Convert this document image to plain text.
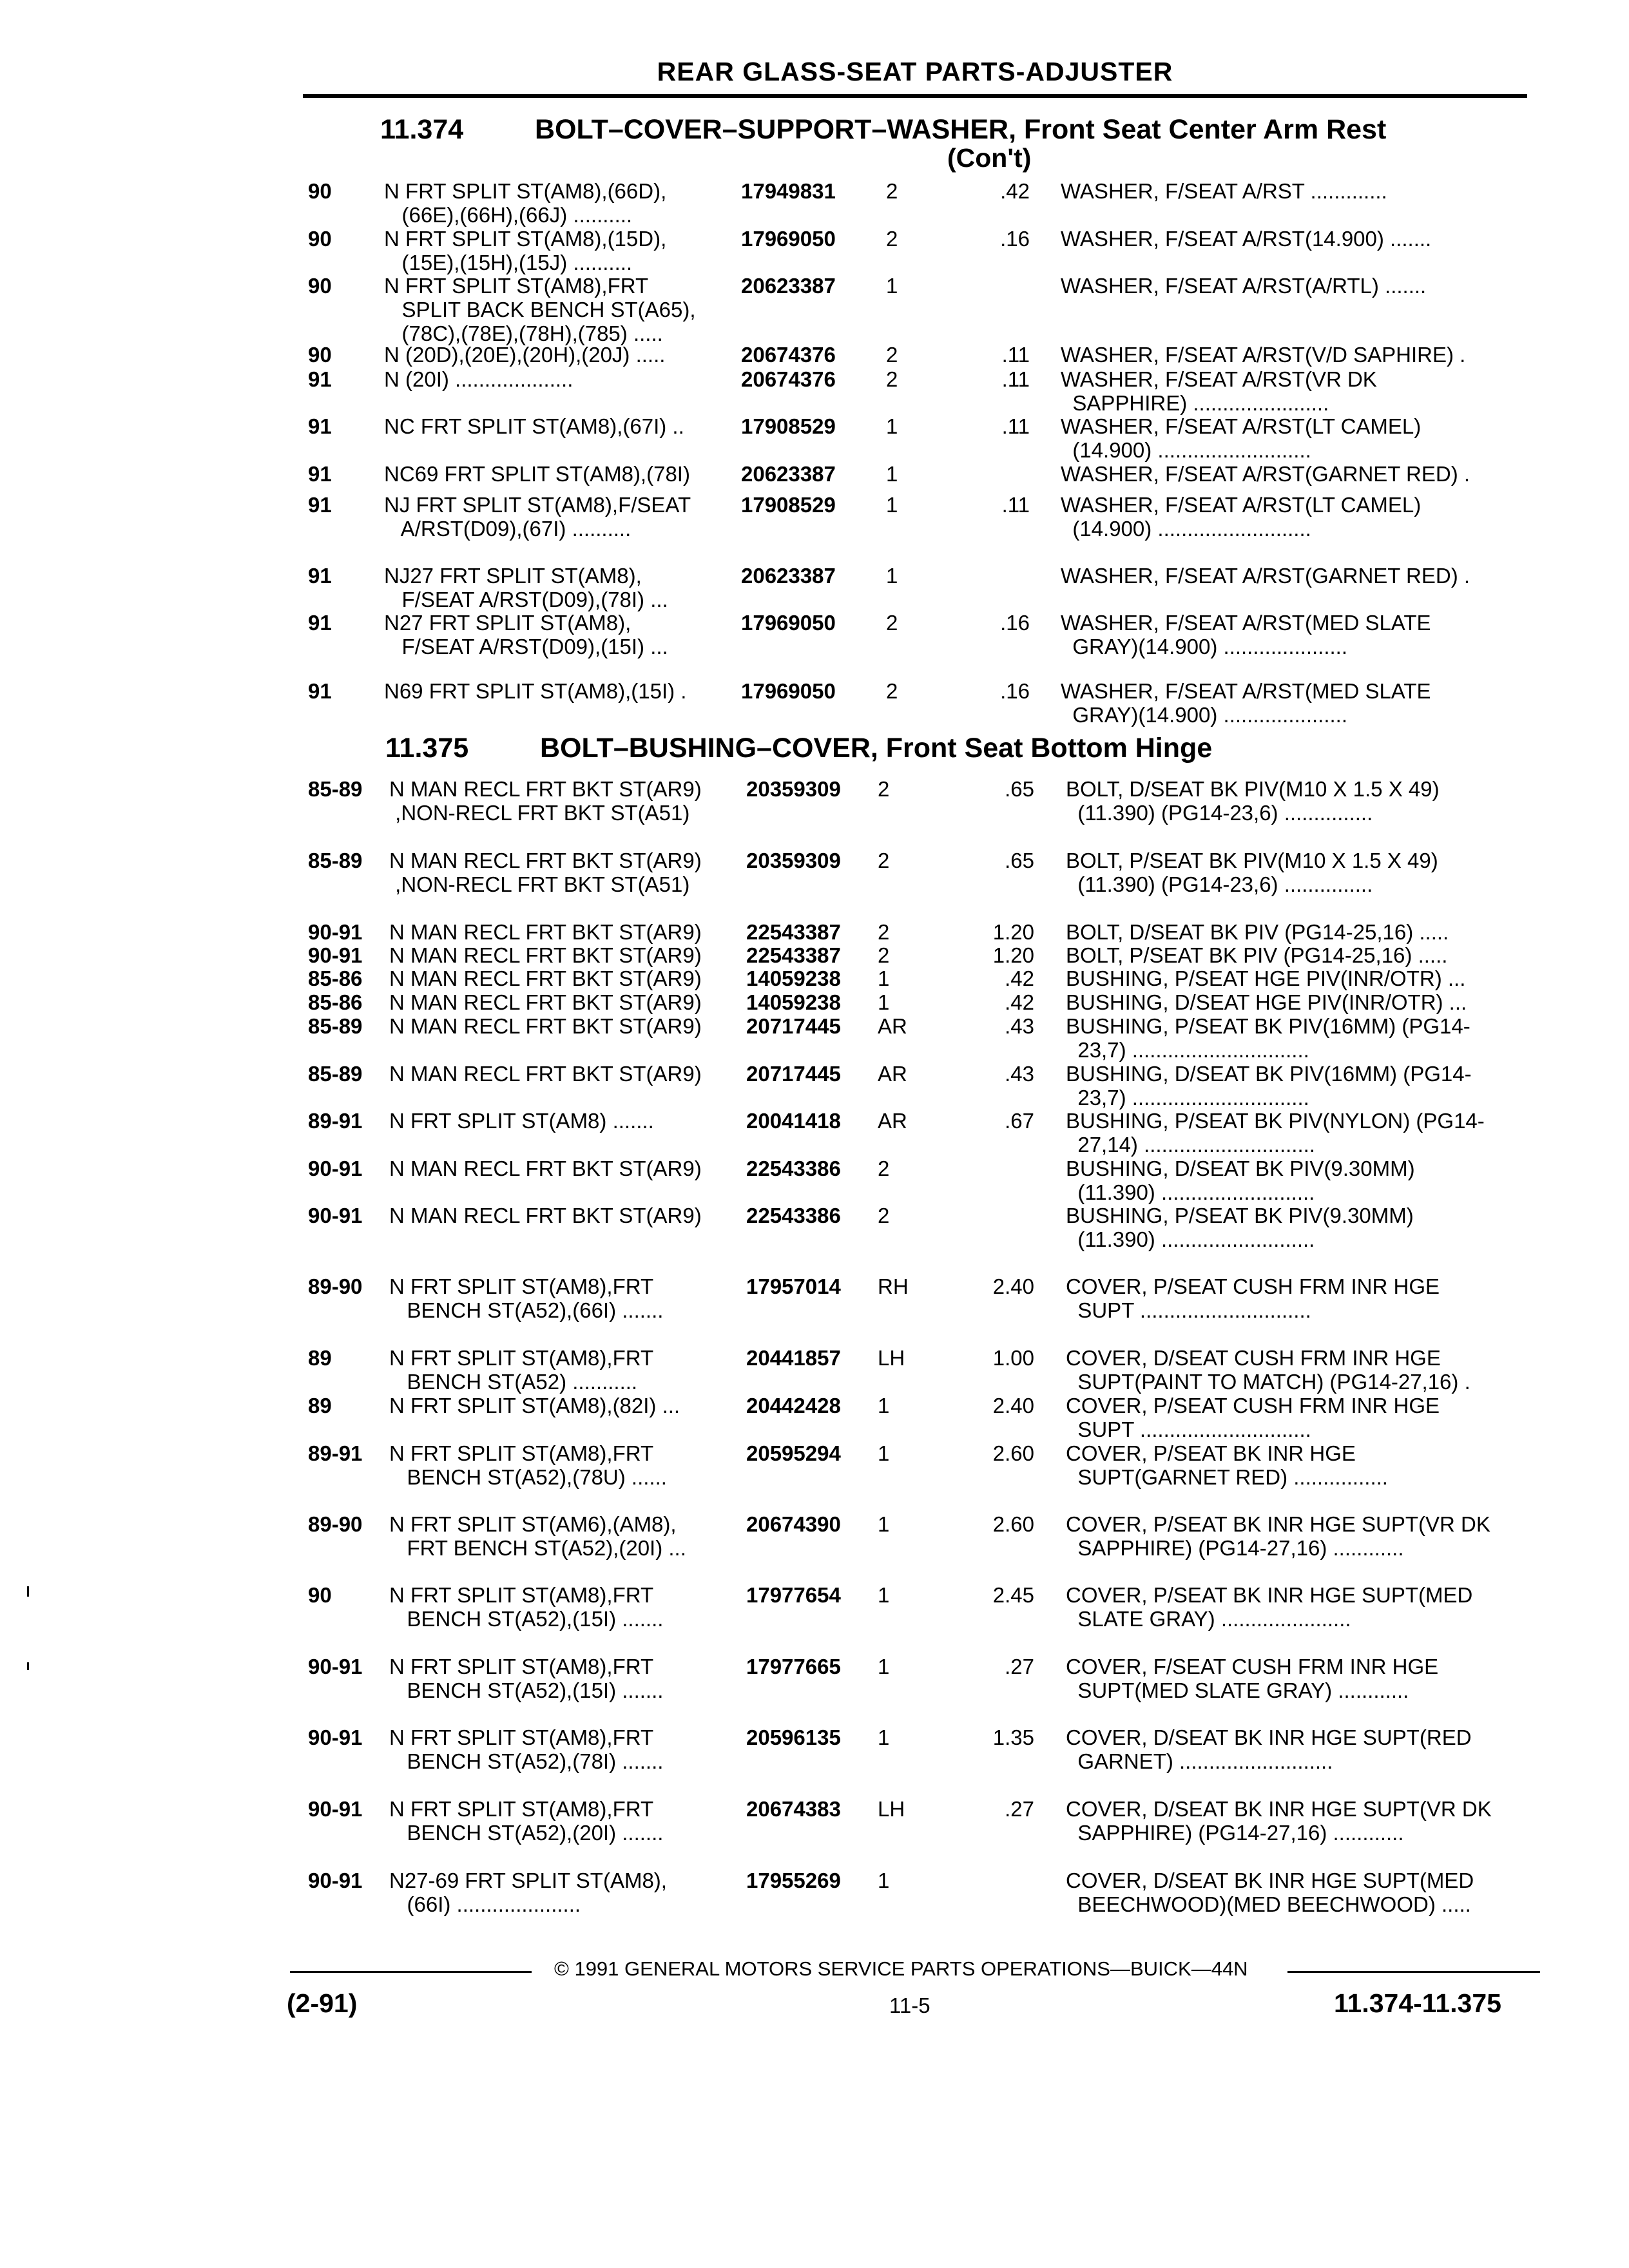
REAR GLASS-SEAT PARTS-ADJUSTER
11.374	BOLT–COVER–SUPPORT–WASHER, Front Seat Center Arm Rest
(Con't)
11.375	BOLT–BUSHING–COVER, Front Seat Bottom Hinge
90	N FRT SPLIT ST(AM8),(66D),
(66E),(66H),(66J) ..........
17949831 2	.42 WASHER, F/SEAT A/RST .............
90	N FRT SPLIT ST(AM8),(15D),
(15E),(15H),(15J) ..........
17969050 2	.16 WASHER, F/SEAT A/RST(14.900) .......
90	N FRT SPLIT ST(AM8),FRT
SPLIT BACK BENCH ST(A65),
(78C),(78E),(78H),(785) .....
20623387 1	WASHER, F/SEAT A/RST(A/RTL) .......
90	N (20D),(20E),(20H),(20J) .....	20674376 2	.11 WASHER, F/SEAT A/RST(V/D SAPHIRE) .
91	N (20I) ....................	20674376 2	.11 WASHER, F/SEAT A/RST(VR DK
SAPPHIRE) .......................
91	NC FRT SPLIT ST(AM8),(67I) ..	17908529 1	.11 WASHER, F/SEAT A/RST(LT CAMEL)
(14.900) ..........................
91	NC69 FRT SPLIT ST(AM8),(78I)	20623387 1	WASHER, F/SEAT A/RST(GARNET RED) .
91	NJ FRT SPLIT ST(AM8),F/SEAT
A/RST(D09),(67I) ..........
17908529 1	.11 WASHER, F/SEAT A/RST(LT CAMEL)
(14.900) ..........................
91	NJ27 FRT SPLIT ST(AM8),
F/SEAT A/RST(D09),(78I) ...
20623387 1	WASHER, F/SEAT A/RST(GARNET RED) .
91	N27 FRT SPLIT ST(AM8),
F/SEAT A/RST(D09),(15I) ...
17969050 2	.16 WASHER, F/SEAT A/RST(MED SLATE
GRAY)(14.900) .....................
91	N69 FRT SPLIT ST(AM8),(15I) .	17969050 2	.16 WASHER, F/SEAT A/RST(MED SLATE
GRAY)(14.900) .....................
85-89	N MAN RECL FRT BKT ST(AR9)
,NON-RECL FRT BKT ST(A51)
20359309 2	.65 BOLT, D/SEAT BK PIV(M10 X 1.5 X 49)
(11.390) (PG14-23,6) ...............
85-89	N MAN RECL FRT BKT ST(AR9)
,NON-RECL FRT BKT ST(A51)
20359309 2	.65 BOLT, P/SEAT BK PIV(M10 X 1.5 X 49)
(11.390) (PG14-23,6) ...............
90-91	N MAN RECL FRT BKT ST(AR9)	22543387 2	1.20 BOLT, D/SEAT BK PIV (PG14-25,16) .....
90-91	N MAN RECL FRT BKT ST(AR9)	22543387 2	1.20 BOLT, P/SEAT BK PIV (PG14-25,16) .....
85-86	N MAN RECL FRT BKT ST(AR9)	14059238 1	.42 BUSHING, P/SEAT HGE PIV(INR/OTR) ...
85-86	N MAN RECL FRT BKT ST(AR9)	14059238 1	.42 BUSHING, D/SEAT HGE PIV(INR/OTR) ...
85-89	N MAN RECL FRT BKT ST(AR9)	20717445 AR	.43 BUSHING, P/SEAT BK PIV(16MM) (PG14-
23,7) ..............................
85-89	N MAN RECL FRT BKT ST(AR9)	20717445 AR	.43 BUSHING, D/SEAT BK PIV(16MM) (PG14-
23,7) ..............................
89-91	N FRT SPLIT ST(AM8) .......	20041418 AR	.67 BUSHING, P/SEAT BK PIV(NYLON) (PG14-
27,14) .............................
90-91	N MAN RECL FRT BKT ST(AR9)	22543386 2	BUSHING, D/SEAT BK PIV(9.30MM)
(11.390) ..........................
90-91	N MAN RECL FRT BKT ST(AR9)	22543386 2	BUSHING, P/SEAT BK PIV(9.30MM)
(11.390) ..........................
89-90	N FRT SPLIT ST(AM8),FRT
BENCH ST(A52),(66I) .......
17957014 RH	2.40 COVER, P/SEAT CUSH FRM INR HGE
SUPT .............................
89	N FRT SPLIT ST(AM8),FRT
BENCH ST(A52) ...........
20441857 LH	1.00 COVER, D/SEAT CUSH FRM INR HGE
SUPT(PAINT TO MATCH) (PG14-27,16) .
89	N FRT SPLIT ST(AM8),(82I) ...	20442428 1	2.40 COVER, P/SEAT CUSH FRM INR HGE
SUPT .............................
89-91	N FRT SPLIT ST(AM8),FRT
BENCH ST(A52),(78U) ......
20595294 1	2.60 COVER, P/SEAT BK INR HGE
SUPT(GARNET RED) ................
89-90	N FRT SPLIT ST(AM6),(AM8),
FRT BENCH ST(A52),(20I) ...
20674390 1	2.60 COVER, P/SEAT BK INR HGE SUPT(VR DK
SAPPHIRE) (PG14-27,16) ............
90	N FRT SPLIT ST(AM8),FRT
BENCH ST(A52),(15I) .......
17977654 1	2.45 COVER, P/SEAT BK INR HGE SUPT(MED
SLATE GRAY) ......................
90-91	N FRT SPLIT ST(AM8),FRT
BENCH ST(A52),(15I) .......
17977665 1	.27 COVER, F/SEAT CUSH FRM INR HGE
SUPT(MED SLATE GRAY) ............
90-91	N FRT SPLIT ST(AM8),FRT
BENCH ST(A52),(78I) .......
20596135 1	1.35 COVER, D/SEAT BK INR HGE SUPT(RED
GARNET) ..........................
90-91	N FRT SPLIT ST(AM8),FRT
BENCH ST(A52),(20I) .......
20674383 LH	.27 COVER, D/SEAT BK INR HGE SUPT(VR DK
SAPPHIRE) (PG14-27,16) ............
90-91	N27-69 FRT SPLIT ST(AM8),
(66I) .....................
17955269 1	COVER, D/SEAT BK INR HGE SUPT(MED
BEECHWOOD)(MED BEECHWOOD) .....
© 1991 GENERAL MOTORS SERVICE PARTS OPERATIONS—BUICK—44N
(2-91)	11-5	11.374-11.375
